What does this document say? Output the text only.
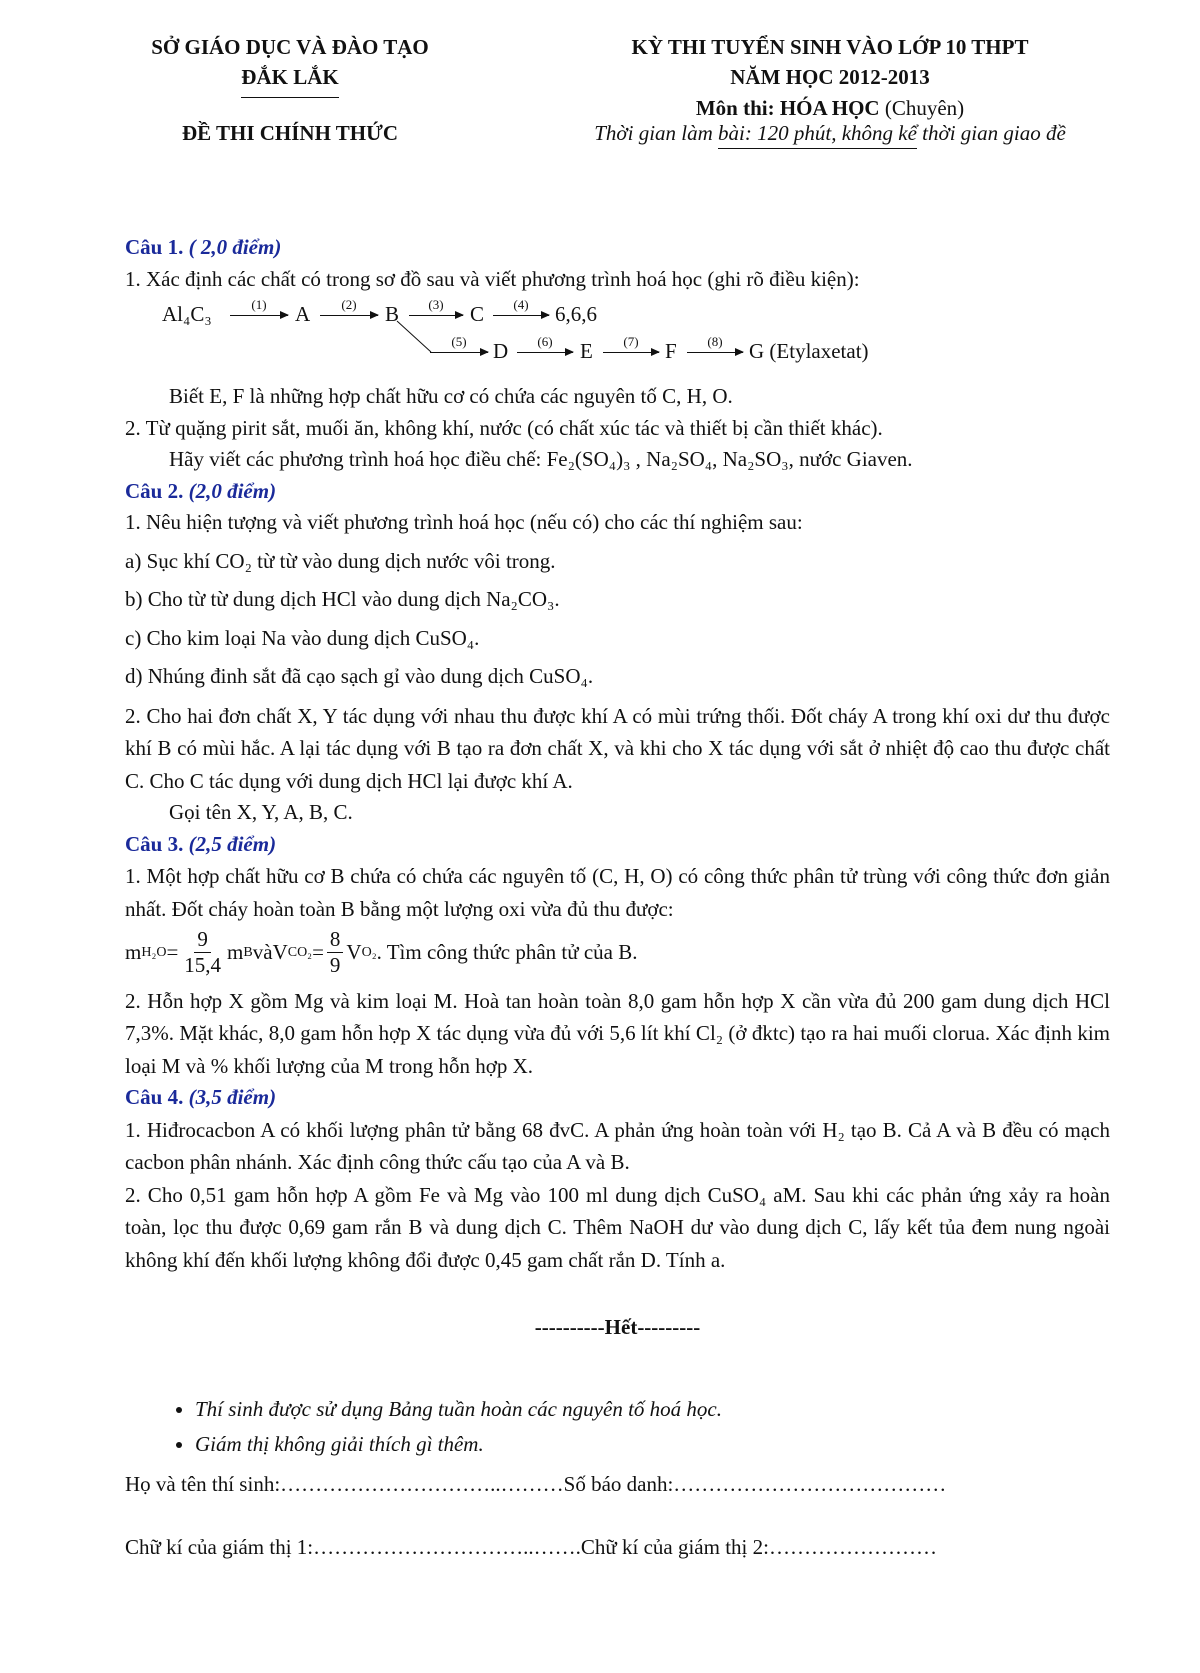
SỞ GIÁO DỤC VÀ ĐÀO TẠO
ĐẮK LẮK
KỲ THI TUYỂN SINH VÀO LỚP 10 THPT
NĂM HỌC 2012-2013
Môn thi: HÓA HỌC (Chuyên)
ĐỀ THI CHÍNH THỨC	Thời gian làm bài: 120 phút, không kể thời gian giao đề
Câu 1. ( 2,0 điểm)

1. Xác định các chất có trong sơ đồ sau và viết phương trình hoá học (ghi rõ điều kiện):

Al₄C₃	(1)	A	(2)	B	(3)	C	(4)	6,6,6
(5)	D	(6)	E	(7)	F	(8)	G (Etylaxetat)

Biết E, F là những hợp chất hữu cơ có chứa các nguyên tố C, H, O.

2. Từ quặng pirit sắt, muối ăn, không khí, nước (có chất xúc tác và thiết bị cần thiết khác).

Hãy viết các phương trình hoá học điều chế: Fe₂(SO₄)₃ , Na₂SO₄, Na₂SO₃, nước Giaven.

Câu 2. (2,0 điểm)

1. Nêu hiện tượng và viết phương trình hoá học (nếu có) cho các thí nghiệm sau:

a) Sục khí CO₂ từ từ vào dung dịch nước vôi trong.

b) Cho từ từ dung dịch HCl vào dung dịch Na₂CO₃.

c) Cho kim loại Na vào dung dịch CuSO₄.

d) Nhúng đinh sắt đã cạo sạch gỉ vào dung dịch CuSO₄.

2. Cho hai đơn chất X, Y tác dụng với nhau thu được khí A có mùi trứng thối. Đốt cháy A trong khí oxi dư thu được khí B có mùi hắc. A lại tác dụng với B tạo ra đơn chất X, và khi cho X tác dụng với sắt ở nhiệt độ cao thu được chất C. Cho C tác dụng với dung dịch HCl lại được khí A.

Gọi tên X, Y, A, B, C.

Câu 3. (2,5 điểm)

1. Một hợp chất hữu cơ B chứa có chứa các nguyên tố (C, H, O) có công thức phân tử trùng với công thức đơn giản nhất. Đốt cháy hoàn toàn B bằng một lượng oxi vừa đủ thu được:

m $H_2O = \frac{9}{15,4}$ m B và V $CO_2 = \frac{8}{9}$ V O₂ . Tìm công thức phân tử của B.

2. Hỗn hợp X gồm Mg và kim loại M. Hoà tan hoàn toàn 8,0 gam hỗn hợp X cần vừa đủ 200 gam dung dịch HCl 7,3%. Mặt khác, 8,0 gam hỗn hợp X tác dụng vừa đủ với 5,6 lít khí Cl₂ (ở đktc) tạo ra hai muối clorua. Xác định kim loại M và % khối lượng của M trong hỗn hợp X.

Câu 4. (3,5 điểm)

1. Hiđrocacbon A có khối lượng phân tử bằng 68 đvC. A phản ứng hoàn toàn với H₂ tạo B. Cả A và B đều có mạch cacbon phân nhánh. Xác định công thức cấu tạo của A và B.

2. Cho 0,51 gam hỗn hợp A gồm Fe và Mg vào 100 ml dung dịch CuSO₄ aM. Sau khi các phản ứng xảy ra hoàn toàn, lọc thu được 0,69 gam rắn B và dung dịch C. Thêm NaOH dư vào dung dịch C, lấy kết tủa đem nung ngoài không khí đến khối lượng không đổi được 0,45 gam chất rắn D. Tính a.

----------Hết---------
• Thí sinh được sử dụng Bảng tuần hoàn các nguyên tố hoá học.
• Giám thị không giải thích gì thêm.
Họ và tên thí sinh:…………………………..……… Số báo danh:…………………………………
Chữ kí của giám thị 1:…………………………..……. Chữ kí của giám thị 2:……………………
